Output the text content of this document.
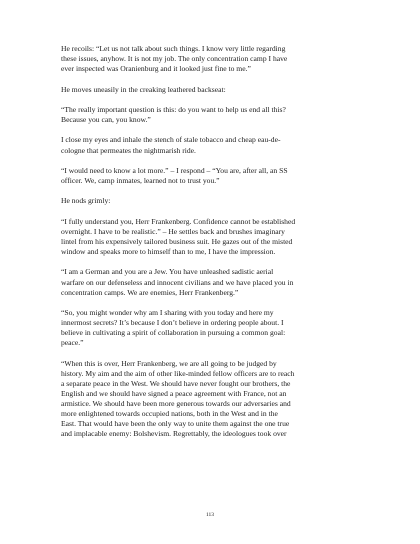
He recoils: “Let us not talk about such things. I know very little regarding
these issues, anyhow. It is not my job. The only concentration camp I have
ever inspected was Oranienburg and it looked just fine to me.”

He moves uneasily in the creaking leathered backseat:

“The really important question is this: do you want to help us end all this?
Because you can, you know.”

I close my eyes and inhale the stench of stale tobacco and cheap eau-de-
cologne that permeates the nightmarish ride.

“I would need to know a lot more.” – I respond – “You are, after all, an SS
officer. We, camp inmates, learned not to trust you.”

He nods grimly:

“I fully understand you, Herr Frankenberg. Confidence cannot be established
overnight. I have to be realistic.” – He settles back and brushes imaginary
lintel from his expensively tailored business suit. He gazes out of the misted
window and speaks more to himself than to me, I have the impression.

“I am a German and you are a Jew. You have unleashed sadistic aerial
warfare on our defenseless and innocent civilians and we have placed you in
concentration camps. We are enemies, Herr Frankenberg.”

“So, you might wonder why am I sharing with you today and here my
innermost secrets? It’s because I don’t believe in ordering people about. I
believe in cultivating a spirit of collaboration in pursuing a common goal:
peace.”

“When this is over, Herr Frankenberg, we are all going to be judged by
history. My aim and the aim of other like-minded fellow officers are to reach
a separate peace in the West. We should have never fought our brothers, the
English and we should have signed a peace agreement with France, not an
armistice. We should have been more generous towards our adversaries and
more enlightened towards occupied nations, both in the West and in the
East. That would have been the only way to unite them against the one true
and implacable enemy: Bolshevism. Regrettably, the ideologues took over

113
